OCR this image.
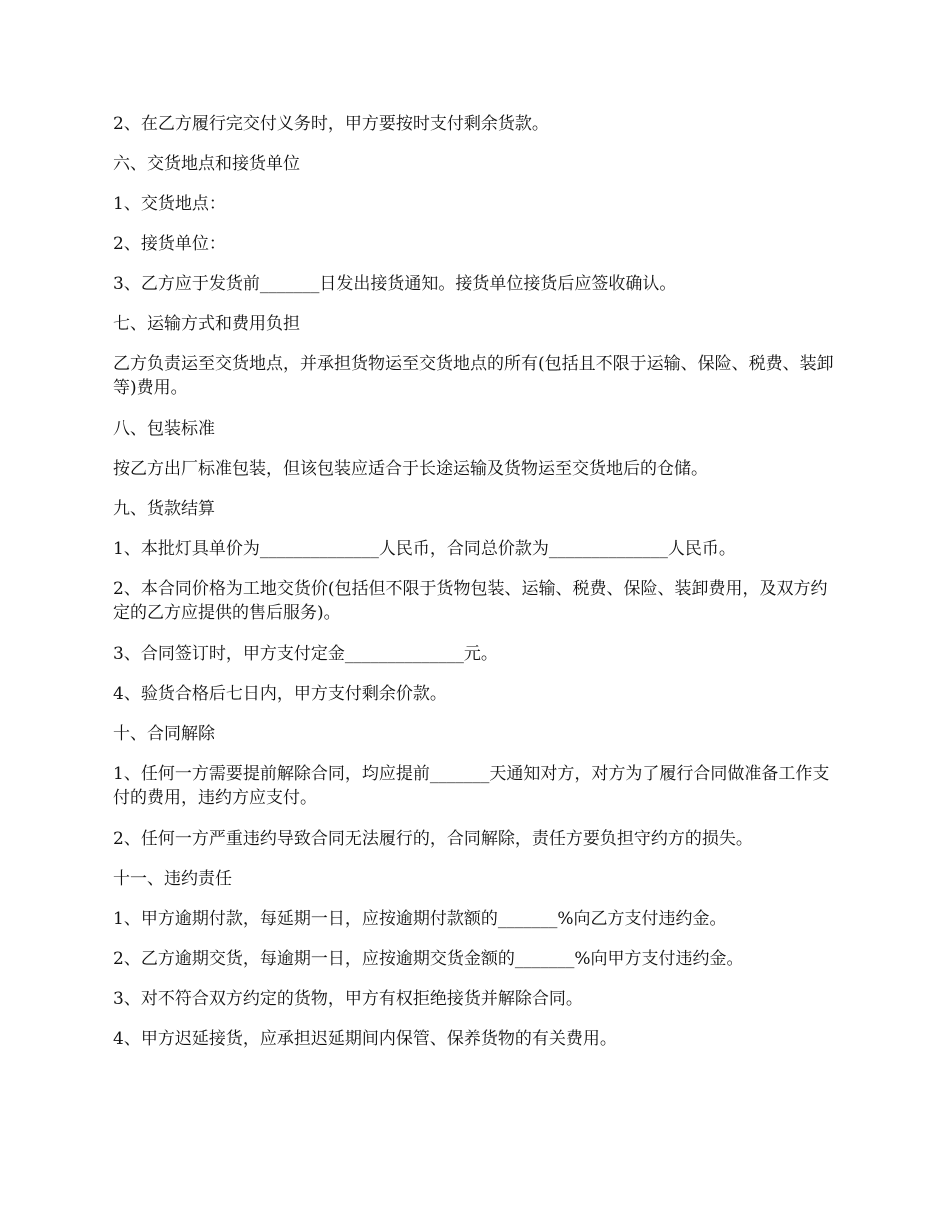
2、在乙方履行完交付义务时，甲方要按时支付剩余货款。

六、交货地点和接货单位

1、交货地点：

2、接货单位：

3、乙方应于发货前_______日发出接货通知。接货单位接货后应签收确认。

七、运输方式和费用负担

乙方负责运至交货地点，并承担货物运至交货地点的所有(包括且不限于运输、保险、税费、装卸等)费用。

八、包装标准

按乙方出厂标准包装，但该包装应适合于长途运输及货物运至交货地后的仓储。

九、货款结算

1、本批灯具单价为______________人民币，合同总价款为______________人民币。

2、本合同价格为工地交货价(包括但不限于货物包装、运输、税费、保险、装卸费用，及双方约定的乙方应提供的售后服务)。

3、合同签订时，甲方支付定金______________元。

4、验货合格后七日内，甲方支付剩余价款。

十、合同解除

1、任何一方需要提前解除合同，均应提前_______天通知对方，对方为了履行合同做准备工作支付的费用，违约方应支付。

2、任何一方严重违约导致合同无法履行的，合同解除，责任方要负担守约方的损失。

十一、违约责任

1、甲方逾期付款，每延期一日，应按逾期付款额的_______%向乙方支付违约金。

2、乙方逾期交货，每逾期一日，应按逾期交货金额的_______%向甲方支付违约金。

3、对不符合双方约定的货物，甲方有权拒绝接货并解除合同。

4、甲方迟延接货，应承担迟延期间内保管、保养货物的有关费用。
